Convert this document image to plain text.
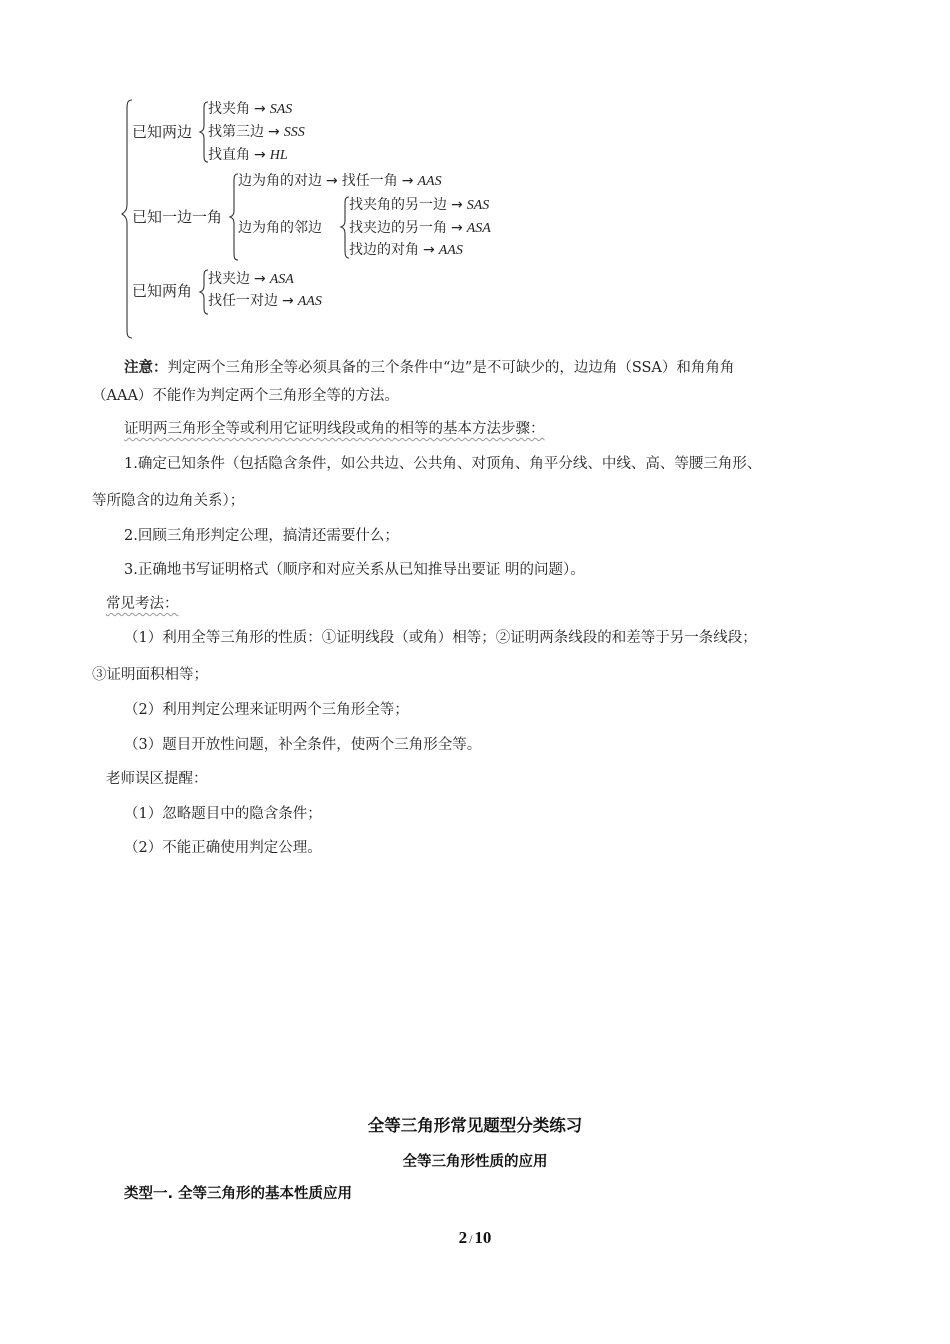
已知两边
找夹角 → SAS
找第三边 → SSS
找直角 → HL
已知一边一角
边为角的对边 → 找任一角 → AAS
边为角的邻边
找夹角的另一边 → SAS
找夹边的另一角 → ASA
找边的对角 → AAS
已知两角
找夹边 → ASA
找任一对边 → AAS
注意：判定两个三角形全等必须具备的三个条件中“边”是不可缺少的，边边角（SSA）和角角角
（AAA）不能作为判定两个三角形全等的方法。
证明两三角形全等或利用它证明线段或角的相等的基本方法步骤：
1.确定已知条件（包括隐含条件，如公共边、公共角、对顶角、角平分线、中线、高、等腰三角形、
等所隐含的边角关系）；
2.回顾三角形判定公理，搞清还需要什么；
3.正确地书写证明格式（顺序和对应关系从已知推导出要证 明的问题）。
常见考法：
（1）利用全等三角形的性质：①证明线段（或角）相等；②证明两条线段的和差等于另一条线段；
③证明面积相等；
（2）利用判定公理来证明两个三角形全等；
（3）题目开放性问题，补全条件，使两个三角形全等。
老师误区提醒：
（1）忽略题目中的隐含条件；
（2）不能正确使用判定公理。
全等三角形常见题型分类练习
全等三角形性质的应用
类型一. 全等三角形的基本性质应用
2 / 10
